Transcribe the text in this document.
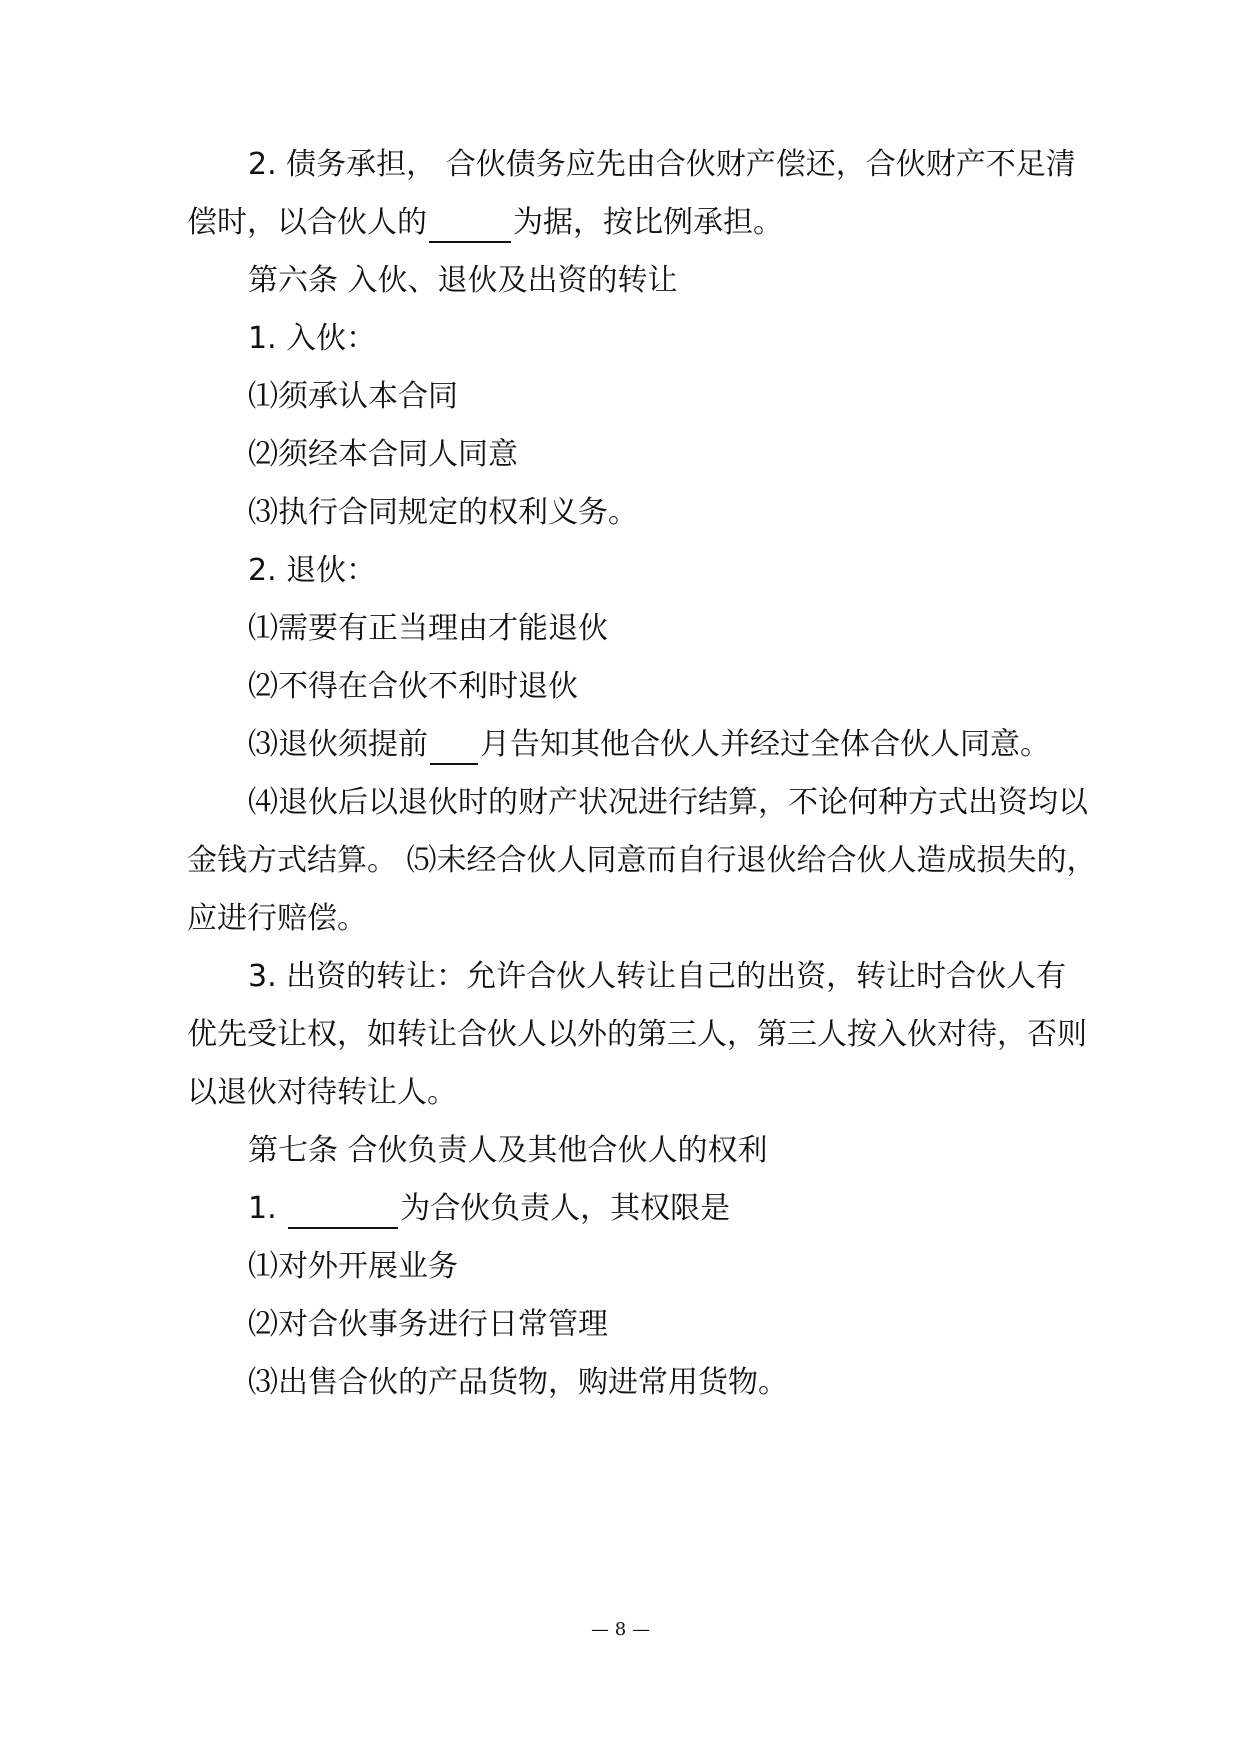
2. 债务承担， 合伙债务应先由合伙财产偿还，合伙财产不足清
偿时，以合伙人的	为据，按比例承担。
第六条 入伙、退伙及出资的转让
1. 入伙：
⑴须承认本合同
⑵须经本合同人同意
⑶执行合同规定的权利义务。
2. 退伙：
⑴需要有正当理由才能退伙
⑵不得在合伙不利时退伙
⑶退伙须提前 月告知其他合伙人并经过全体合伙人同意。
⑷退伙后以退伙时的财产状况进行结算，不论何种方式出资均以
金钱方式结算。 ⑸未经合伙人同意而自行退伙给合伙人造成损失的，
应进行赔偿。
3. 出资的转让：允许合伙人转让自己的出资，转让时合伙人有
优先受让权，如转让合伙人以外的第三人，第三人按入伙对待，否则
以退伙对待转让人。
第七条 合伙负责人及其他合伙人的权利
1.	为合伙负责人，其权限是
⑴对外开展业务
⑵对合伙事务进行日常管理
⑶出售合伙的产品货物，购进常用货物。
— 8 —
